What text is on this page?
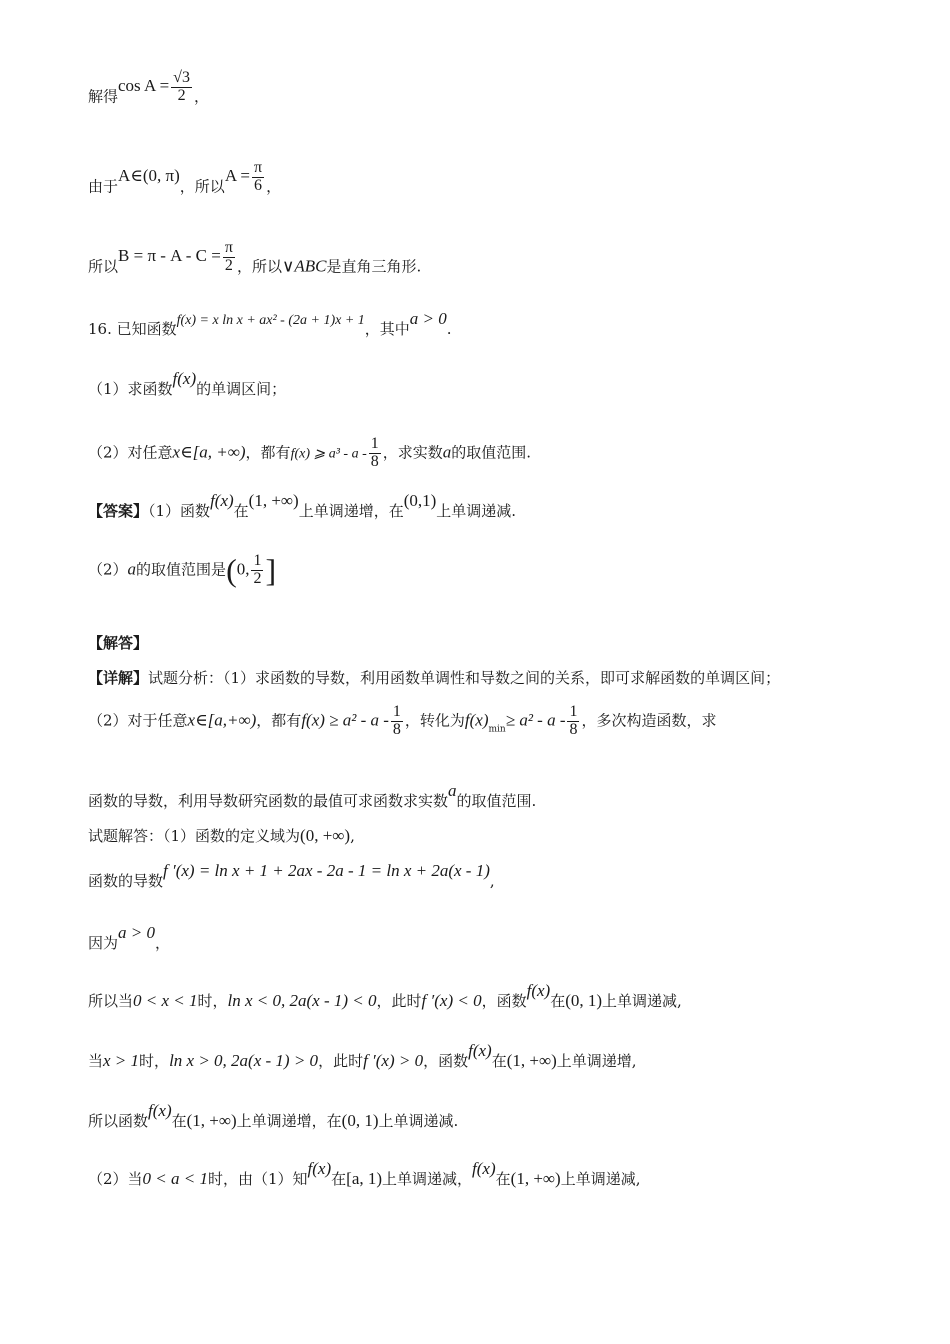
解得$\cos A = \frac{√3}{2}$ ，
由于A∈(0, π)，所以$A = \frac{\pi}{6}$ ，
所以$B = \pi - A - C = \frac{\pi}{2}$ ，所以∨ABC是直角三角形.
16. 已知函数f(x) = x ln x + ax² - (2a + 1)x + 1，其中a > 0.
（1）求函数f(x)的单调区间；
（2）对任意x∈[a, +∞)，都有f(x) ⩾ a³ - a - $\frac{1}{8}$ ，求实数a的取值范围.
【答案】（1）函数f(x)在(1, +∞)上单调递增，在(0,1)上单调递减.
（2）a的取值范围是(0, $\frac{1}{2}$ ]
【解答】
【详解】试题分析：（1）求函数的导数，利用函数单调性和导数之间的关系，即可求解函数的单调区间；
（2）对于任意x∈[a,+∞)，都有$f(x) \ge a^2 - a - \frac{1}{8}$ ，转化为$f(x)_{min}\ge a^2 - a - \frac{1}{8}$ ，多次构造函数，求
函数的导数，利用导数研究函数的最值可求函数求实数a的取值范围.
试题解答：（1）函数的定义域为(0, +∞),
函数的导数f ′(x) = ln x + 1 + 2ax - 2a - 1 = ln x + 2a(x - 1),
因为a > 0，
所以当0 < x < 1时，ln x < 0, 2a(x - 1) < 0，此时f ′(x) < 0，函数f(x)在(0, 1)上单调递减,
当x > 1时，ln x > 0, 2a(x - 1) > 0，此时f ′(x) > 0，函数f(x)在(1, +∞)上单调递增,
所以函数f(x)在(1, +∞)上单调递增，在(0, 1)上单调递减.
（2）当0 < a < 1时，由（1）知f(x)在[a, 1)上单调递减，f(x)在(1, +∞)上单调递减,
